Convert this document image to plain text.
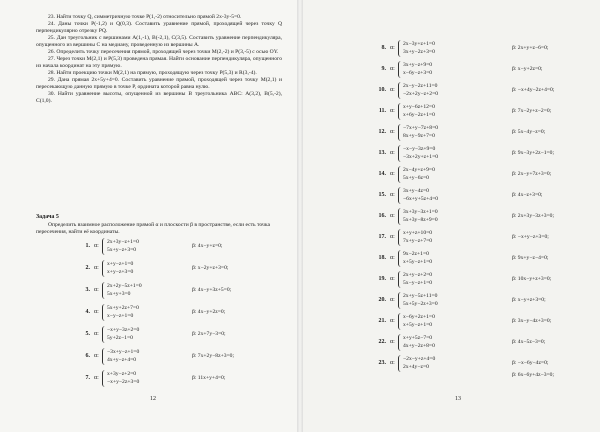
23. Найти точку Q, симметричную точке P(1,-2) относительно прямой 2x-3y-5=0.

24. Даны точки P(-1,2) и Q(0,3). Составить уравнение прямой, проходящей через точку Q перпендикулярно отрезку PQ.

25. Дан треугольник с вершинами A(1,-1), B(-2,1), C(3,5). Составить уравнение перпендикуляра, опущенного из вершины C на медиану, проведенную из вершины A.

26. Определить точку пересечения прямой, проходящей через точки M(2,-2) и P(3,-5) с осью OY.

27. Через точки M(2,1) и P(5,3) проведена прямая. Найти основание перпендикуляра, опущенного из начала координат на эту прямую.

28. Найти проекцию точки M(2,1) на прямую, проходящую через точку P(5,3) и R(3,-4).

29. Дана прямая 2x+5y+4=0. Составить уравнение прямой, проходящей через точку M(2,1) и пересекающую данную прямую в точке P, ордината которой равна нулю.

30. Найти уравнение высоты, опущенной из вершины B треугольника ABC: A(3,2), B(5,-2), C(1,0).

Задача 5
Определить взаимное расположение прямой α и плоскости β в пространстве, если есть точка пересечения, найти её координаты.
1. α:
2x+3y−z+1=0
5x+y−z+3=0
β: 4x−y+z=0;
2. α:
x+y−z+1=0
x+y−z+3=0
β: x−2y+z+3=0;
3. α:
2x+2y−5z+1=0
5x+y+3=0
β: 4x−y+3z+5=0;
4. α:
5x+y+2z+7=0
x−y−z+1=0
β: 4x−y+2z=0;
5. α:
−x+y−3z+2=0
5y+2z−1=0
β: 2x+7y−3=0;
6. α:
−3x+y−z+1=0
4x+y−z+4=0
β: 7x+2y−8z+3=0;
7. α:
x+3y−z+2=0
−x+y−2z+3=0
β: 11x+y+4=0;
12
8. α:
2x−3y+z+1=0
3x+y−2z+3=0
β: 2x+y+z−6=0;
9. α:
3x+y−z+9=0
x−6y−z+3=0
β: x−y+2z=0;
10. α:
2x−y−2z+11=0
−2x+2y−z+2=0
β: −x+4y−2z+4=0;
11. α:
x+y−6z+12=0
x+6y−2z+1=0
β: 7x−2y+z−2=0;
12. α:
−7x+y−7z+8=0
8x+y−9z+7=0
β: 5x−4y−z=0;
13. α:
−x−y−3z+9=0
−3x+2y+z+1=0
β: 9x−3y+2z−1=0;
14. α:
2x−4y+z+9=0
5x+y−6z=0
β: 2x−y+7z+3=0;
15. α:
3x+y−4z=0
−6x+y+5z+4=0
β: 4x−z+3=0;
16. α:
3x+3y−3z+1=0
5x+3y−8z+9=0
β: 2x+3y−3z+3=0;
17. α:
x+y+z+10=0
7x+y−z+7=0
β: −x+y−z+3=0;
18. α:
9x−2z+1=0
x+5y−z+1=0
β: 9x+y−z−4=0;
19. α:
2x+y−z+2=0
5x−y−z+1=0
β: 10x−y+z+3=0;
20. α:
2x+y−5z+11=0
5x+5y−2z+3=0
β: x−y+z+3=0;
21. α:
x−6y+2z+1=0
x+5y−z+1=0
β: 3x−y−4z+3=0;
22. α:
x+y+5z−7=0
4x+y−2z+8=0
β: 4x−5z−3=0;
23. α:
−2x−y+z+4=0
2x+4y−z=0
β: −x−6y−4z=0;
13
β: 6x−6y+4z−3=0;
